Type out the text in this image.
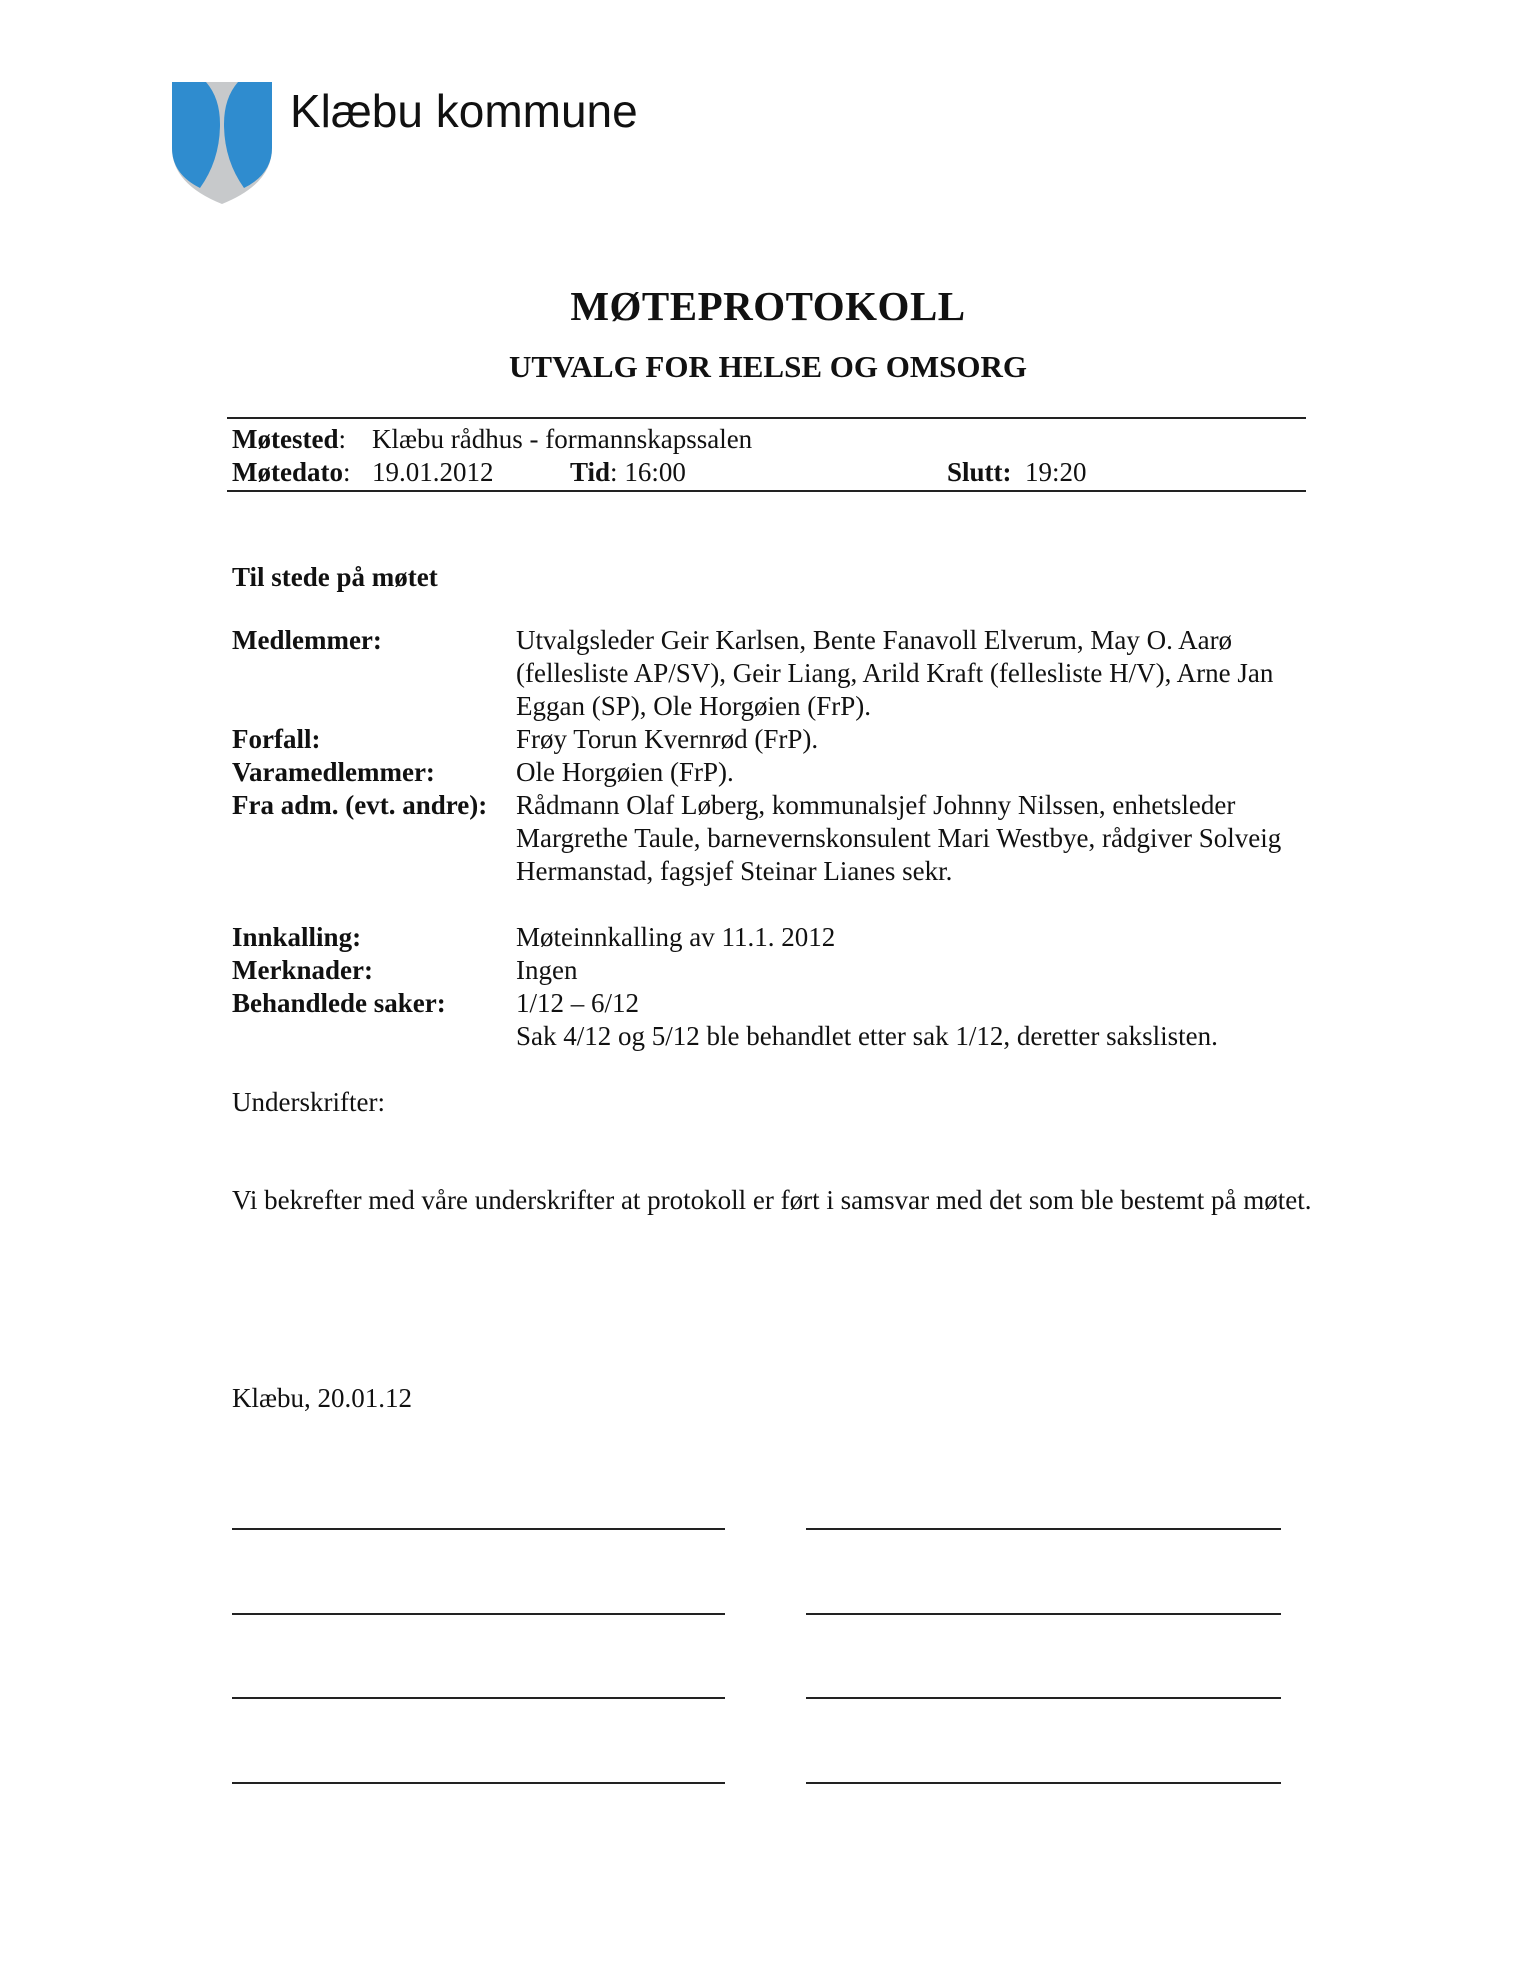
Klæbu kommune
MØTEPROTOKOLL
UTVALG FOR HELSE OG OMSORG
Møtested: Klæbu rådhus - formannskapssalen
Møtedato: 19.01.2012	Tid: 16:00	Slutt: 19:20
Til stede på møtet
Medlemmer:	Utvalgsleder Geir Karlsen, Bente Fanavoll Elverum, May O. Aarø (fellesliste AP/SV), Geir Liang, Arild Kraft (fellesliste H/V), Arne Jan Eggan (SP), Ole Horgøien (FrP).
Forfall:	Frøy Torun Kvernrød (FrP).
Varamedlemmer:	Ole Horgøien (FrP).
Fra adm. (evt. andre): Rådmann Olaf Løberg, kommunalsjef Johnny Nilssen, enhetsleder Margrethe Taule, barnevernskonsulent Mari Westbye, rådgiver Solveig Hermanstad, fagsjef Steinar Lianes sekr.
Innkalling:	Møteinnkalling av 11.1. 2012
Merknader:	Ingen
Behandlede saker:	1/12 – 6/12
Sak 4/12 og 5/12 ble behandlet etter sak 1/12, deretter sakslisten.
Underskrifter:
Vi bekrefter med våre underskrifter at protokoll er ført i samsvar med det som ble bestemt på møtet.
Klæbu, 20.01.12
